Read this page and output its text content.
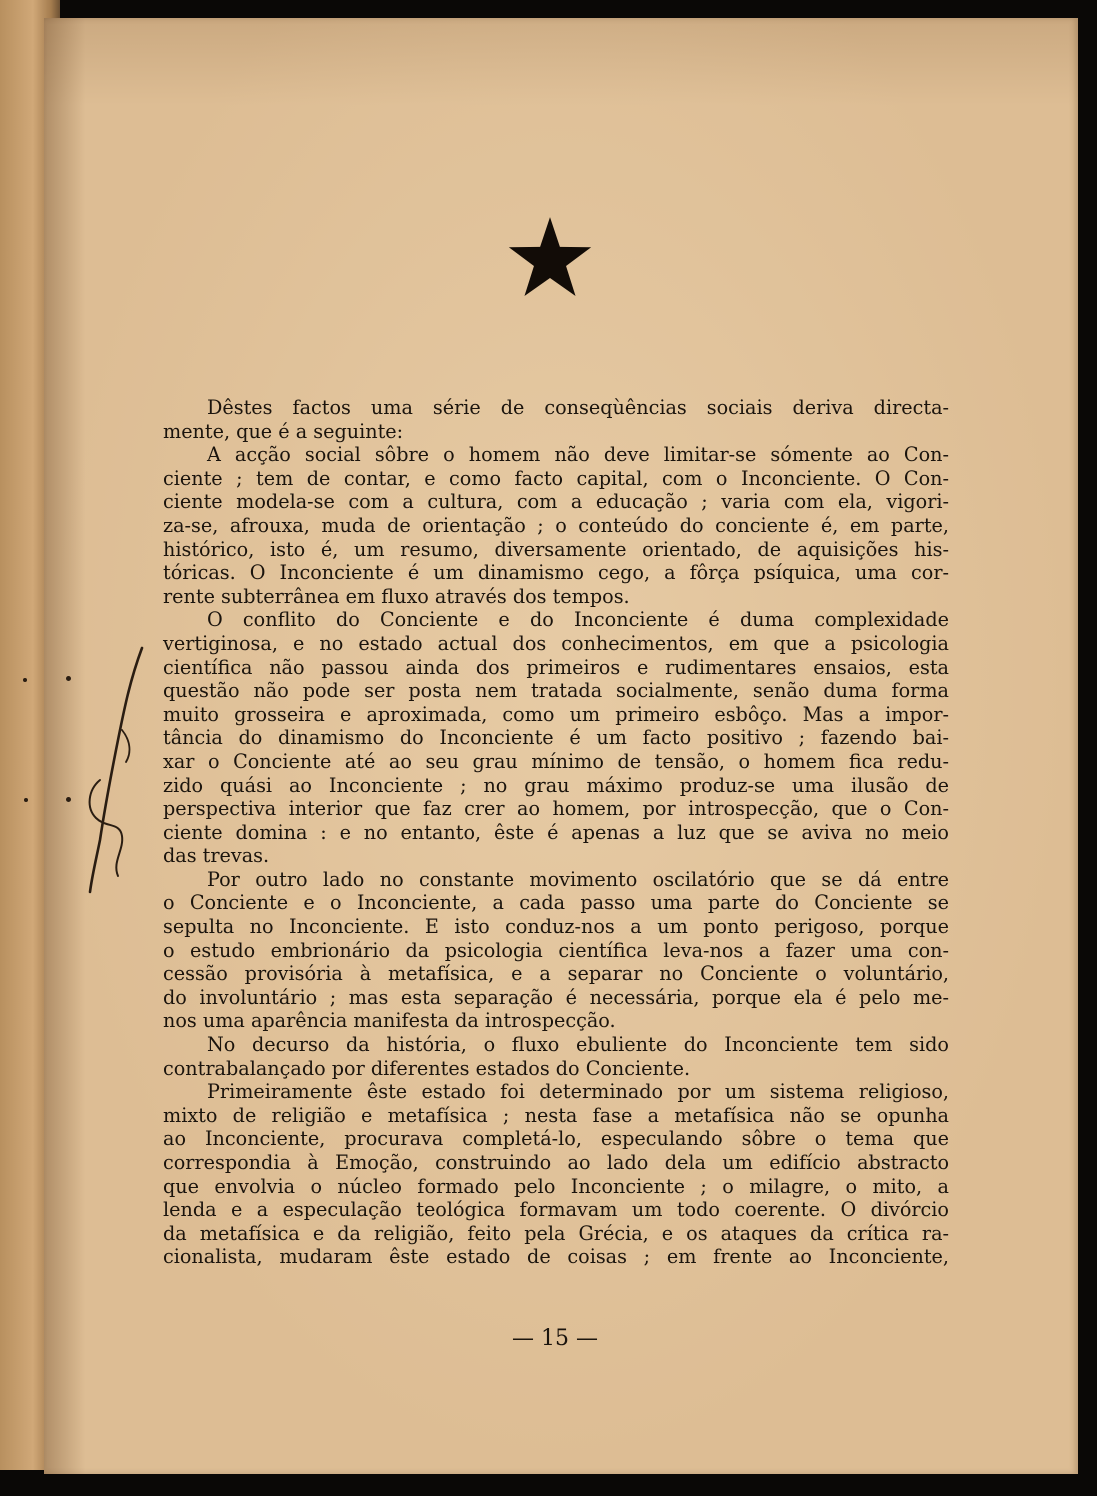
Dêstes factos uma série de conseqùências sociais deriva directa-
mente, que é a seguinte:
A acção social sôbre o homem não deve limitar-se sómente ao Con-
ciente ; tem de contar, e como facto capital, com o Inconciente. O Con-
ciente modela-se com a cultura, com a educação ; varia com ela, vigori-
za-se, afrouxa, muda de orientação ; o conteúdo do conciente é, em parte,
histórico, isto é, um resumo, diversamente orientado, de aquisições his-
tóricas. O Inconciente é um dinamismo cego, a fôrça psíquica, uma cor-
rente subterrânea em fluxo através dos tempos.
O conflito do Conciente e do Inconciente é duma complexidade
vertiginosa, e no estado actual dos conhecimentos, em que a psicologia
científica não passou ainda dos primeiros e rudimentares ensaios, esta
questão não pode ser posta nem tratada socialmente, senão duma forma
muito grosseira e aproximada, como um primeiro esbôço. Mas a impor-
tância do dinamismo do Inconciente é um facto positivo ; fazendo bai-
xar o Conciente até ao seu grau mínimo de tensão, o homem fica redu-
zido quási ao Inconciente ; no grau máximo produz-se uma ilusão de
perspectiva interior que faz crer ao homem, por introspecção, que o Con-
ciente domina : e no entanto, êste é apenas a luz que se aviva no meio
das trevas.
Por outro lado no constante movimento oscilatório que se dá entre
o Conciente e o Inconciente, a cada passo uma parte do Conciente se
sepulta no Inconciente. E isto conduz-nos a um ponto perigoso, porque
o estudo embrionário da psicologia científica leva-nos a fazer uma con-
cessão provisória à metafísica, e a separar no Conciente o voluntário,
do involuntário ; mas esta separação é necessária, porque ela é pelo me-
nos uma aparência manifesta da introspecção.
No decurso da história, o fluxo ebuliente do Inconciente tem sido
contrabalançado por diferentes estados do Conciente.
Primeiramente êste estado foi determinado por um sistema religioso,
mixto de religião e metafísica ; nesta fase a metafísica não se opunha
ao Inconciente, procurava completá-lo, especulando sôbre o tema que
correspondia à Emoção, construindo ao lado dela um edifício abstracto
que envolvia o núcleo formado pelo Inconciente ; o milagre, o mito, a
lenda e a especulação teológica formavam um todo coerente. O divórcio
da metafísica e da religião, feito pela Grécia, e os ataques da crítica ra-
cionalista, mudaram êste estado de coisas ; em frente ao Inconciente,
— 15 —
